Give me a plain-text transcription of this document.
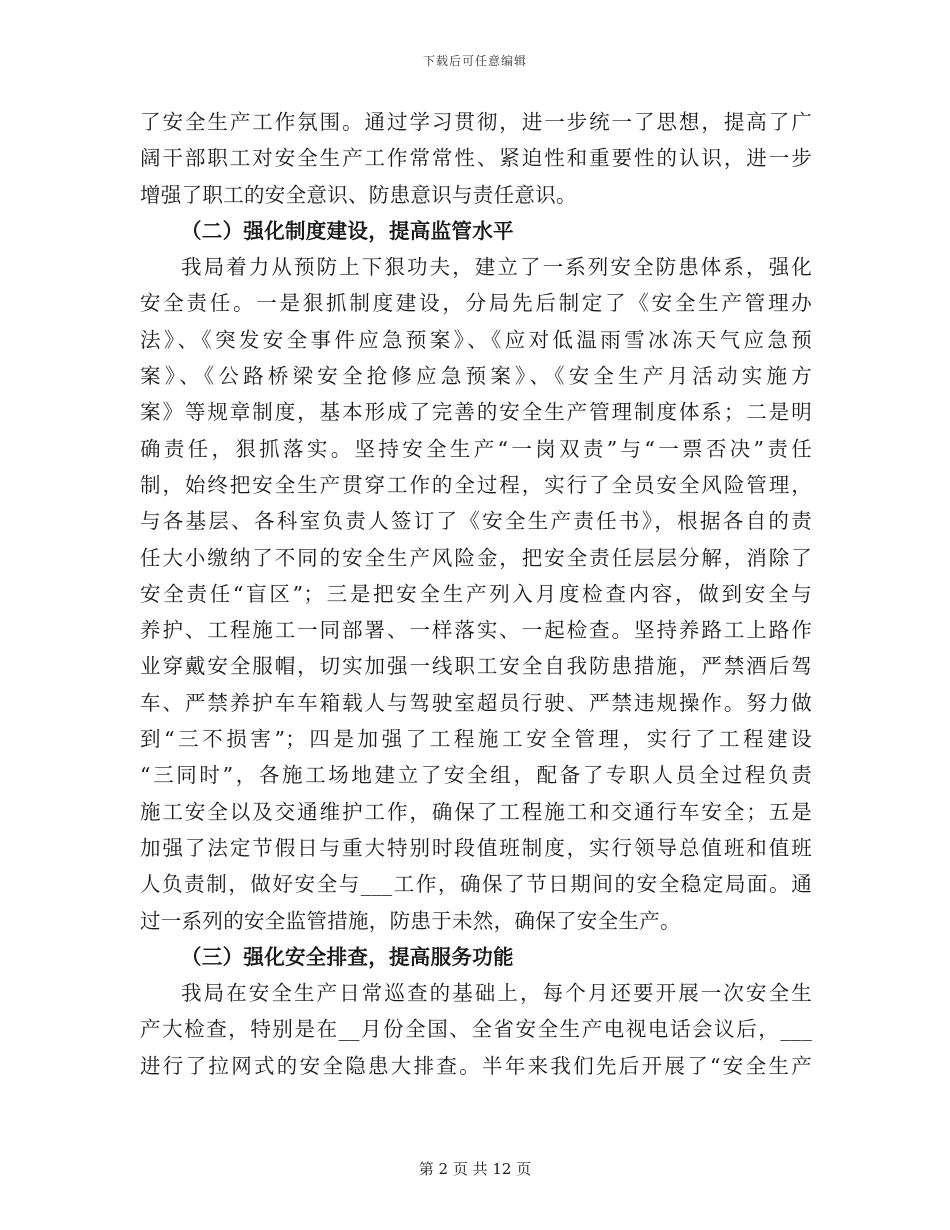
下载后可任意编辑
了安全生产工作氛围。通过学习贯彻，进一步统一了思想，提高了广
阔干部职工对安全生产工作常常性、紧迫性和重要性的认识，进一步
增强了职工的安全意识、防患意识与责任意识。
（二）强化制度建设，提高监管水平
我局着力从预防上下狠功夫，建立了一系列安全防患体系，强化
安全责任。一是狠抓制度建设，分局先后制定了《安全生产管理办
法》、《突发安全事件应急预案》、《应对低温雨雪冰冻天气应急预
案》、《公路桥梁安全抢修应急预案》、《安全生产月活动实施方
案》等规章制度，基本形成了完善的安全生产管理制度体系；二是明
确责任，狠抓落实。坚持安全生产“一岗双责”与“一票否决”责任
制，始终把安全生产贯穿工作的全过程，实行了全员安全风险管理，
与各基层、各科室负责人签订了《安全生产责任书》，根据各自的责
任大小缴纳了不同的安全生产风险金，把安全责任层层分解，消除了
安全责任“盲区”；三是把安全生产列入月度检查内容，做到安全与
养护、工程施工一同部署、一样落实、一起检查。坚持养路工上路作
业穿戴安全服帽，切实加强一线职工安全自我防患措施，严禁酒后驾
车、严禁养护车车箱载人与驾驶室超员行驶、严禁违规操作。努力做
到“三不损害”；四是加强了工程施工安全管理，实行了工程建设
“三同时”，各施工场地建立了安全组，配备了专职人员全过程负责
施工安全以及交通维护工作，确保了工程施工和交通行车安全；五是
加强了法定节假日与重大特别时段值班制度，实行领导总值班和值班
人负责制，做好安全与___工作，确保了节日期间的安全稳定局面。通
过一系列的安全监管措施，防患于未然，确保了安全生产。
（三）强化安全排查，提高服务功能
我局在安全生产日常巡查的基础上，每个月还要开展一次安全生
产大检查，特别是在__月份全国、全省安全生产电视电话会议后，___
进行了拉网式的安全隐患大排查。半年来我们先后开展了“安全生产
第 2 页 共 12 页
